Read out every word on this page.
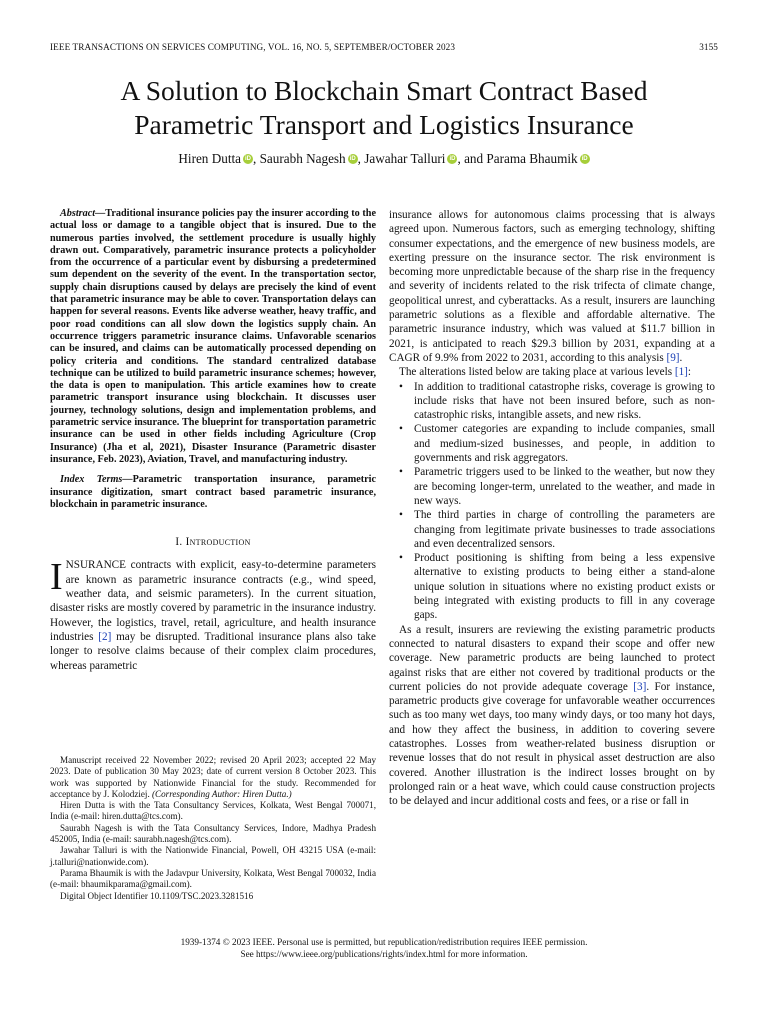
IEEE TRANSACTIONS ON SERVICES COMPUTING, VOL. 16, NO. 5, SEPTEMBER/OCTOBER 2023	3155
A Solution to Blockchain Smart Contract Based
Parametric Transport and Logistics Insurance
Hiren Dutta iD , Saurabh Nagesh iD , Jawahar Talluri iD , and Parama Bhaumik iD

Abstract—Traditional insurance policies pay the insurer according to the actual loss or damage to a tangible object that is insured. Due to the numerous parties involved, the settlement procedure is usually highly drawn out. Comparatively, parametric insurance protects a policyholder from the occurrence of a particular event by disbursing a predetermined sum dependent on the severity of the event. In the transportation sector, supply chain disruptions caused by delays are precisely the kind of event that parametric insurance may be able to cover. Transportation delays can happen for several reasons. Events like adverse weather, heavy traffic, and poor road conditions can all slow down the logistics supply chain. An occurrence triggers parametric insurance claims. Unfavorable scenarios can be insured, and claims can be automatically processed depending on policy criteria and conditions. The standard centralized database technique can be utilized to build parametric insurance schemes; however, the data is open to manipulation. This article examines how to create parametric transport insurance using blockchain. It discusses user journey, technology solutions, design and implementation problems, and parametric service insurance. The blueprint for transportation parametric insurance can be used in other fields including Agriculture (Crop Insurance) (Jha et al, 2021), Disaster Insurance (Parametric disaster insurance, Feb. 2023), Aviation, Travel, and manufacturing industry.

Index Terms—Parametric transportation insurance, parametric insurance digitization, smart contract based parametric insurance, blockchain in parametric insurance.

I. Introduction

INSURANCE contracts with explicit, easy-to-determine parameters are known as parametric insurance contracts (e.g., wind speed, weather data, and seismic parameters). In the current situation, disaster risks are mostly covered by parametric in the insurance industry. However, the logistics, travel, retail, agriculture, and health insurance industries [2] may be disrupted. Traditional insurance plans also take longer to resolve claims because of their complex claim procedures, whereas parametric

Manuscript received 22 November 2022; revised 20 April 2023; accepted 22 May 2023. Date of publication 30 May 2023; date of current version 8 October 2023. This work was supported by Nationwide Financial for the study. Recommended for acceptance by J. Kolodziej. (Corresponding Author: Hiren Dutta.)

Hiren Dutta is with the Tata Consultancy Services, Kolkata, West Bengal 700071, India (e-mail: hiren.dutta@tcs.com).

Saurabh Nagesh is with the Tata Consultancy Services, Indore, Madhya Pradesh 452005, India (e-mail: saurabh.nagesh@tcs.com).

Jawahar Talluri is with the Nationwide Financial, Powell, OH 43215 USA (e-mail: j.talluri@nationwide.com).

Parama Bhaumik is with the Jadavpur University, Kolkata, West Bengal 700032, India (e-mail: bhaumikparama@gmail.com).

Digital Object Identifier 10.1109/TSC.2023.3281516

insurance allows for autonomous claims processing that is always agreed upon. Numerous factors, such as emerging technology, shifting consumer expectations, and the emergence of new business models, are exerting pressure on the insurance sector. The risk environment is becoming more unpredictable because of the sharp rise in the frequency and severity of incidents related to the risk trifecta of climate change, geopolitical unrest, and cyberattacks. As a result, insurers are launching parametric solutions as a flexible and affordable alternative. The parametric insurance industry, which was valued at $11.7 billion in 2021, is anticipated to reach $29.3 billion by 2031, expanding at a CAGR of 9.9% from 2022 to 2031, according to this analysis [9].

The alterations listed below are taking place at various levels [1]:

• In addition to traditional catastrophe risks, coverage is growing to include risks that have not been insured before, such as non-catastrophic risks, intangible assets, and new risks.
• Customer categories are expanding to include companies, small and medium-sized businesses, and people, in addition to governments and risk aggregators.
• Parametric triggers used to be linked to the weather, but now they are becoming longer-term, unrelated to the weather, and made in new ways.
• The third parties in charge of controlling the parameters are changing from legitimate private businesses to trade associations and even decentralized sensors.
• Product positioning is shifting from being a less expensive alternative to existing products to being either a stand-alone unique solution in situations where no existing product exists or being integrated with existing products to fill in any coverage gaps.

As a result, insurers are reviewing the existing parametric products connected to natural disasters to expand their scope and offer new coverage. New parametric products are being launched to protect against risks that are either not covered by traditional products or the current policies do not provide adequate coverage [3]. For instance, parametric products give coverage for unfavorable weather occurrences such as too many wet days, too many windy days, or too many hot days, and how they affect the business, in addition to covering severe catastrophes. Losses from weather-related business disruption or revenue losses that do not result in physical asset destruction are also covered. Another illustration is the indirect losses brought on by prolonged rain or a heat wave, which could cause construction projects to be delayed and incur additional costs and fees, or a rise or fall in

1939-1374 © 2023 IEEE. Personal use is permitted, but republication/redistribution requires IEEE permission.
See https://www.ieee.org/publications/rights/index.html for more information.
